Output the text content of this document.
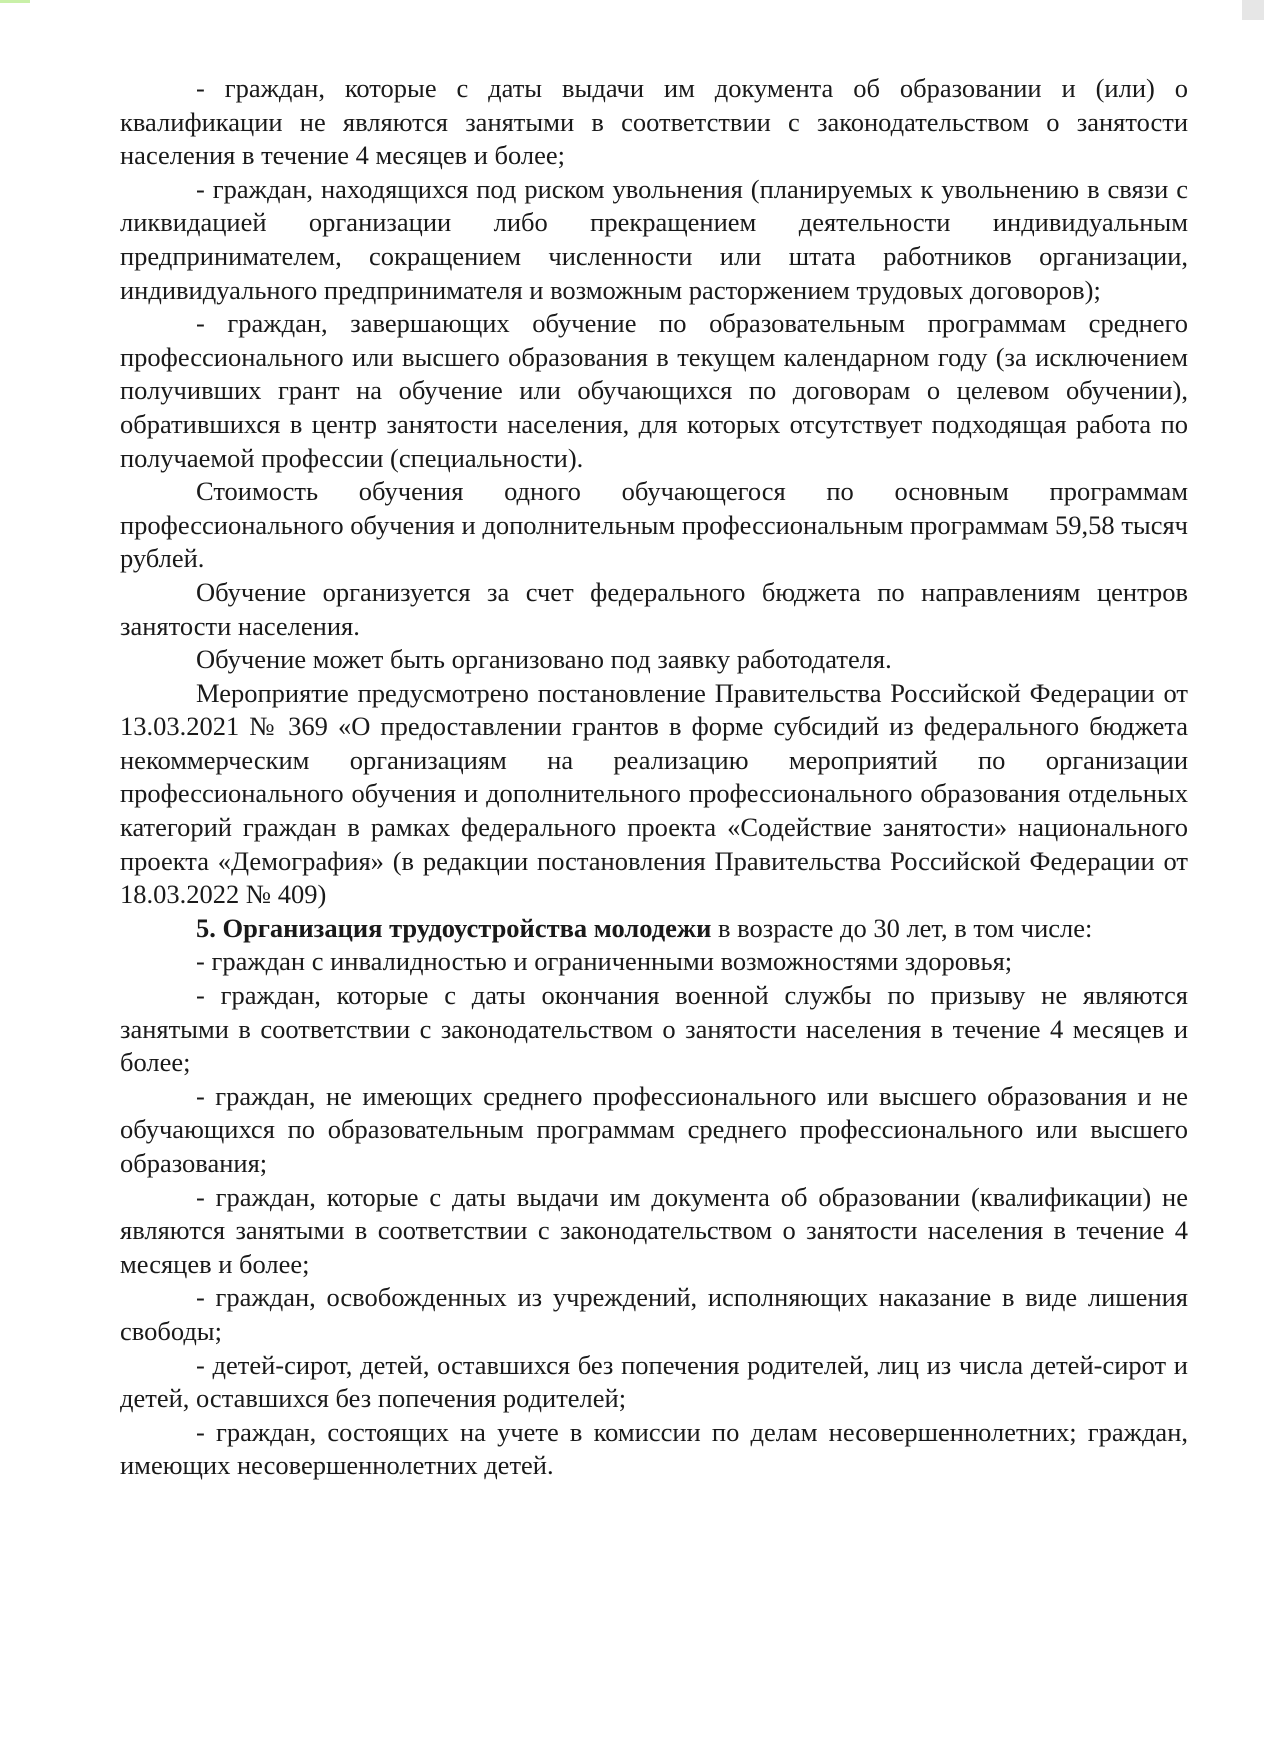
- граждан, которые с даты выдачи им документа об образовании и (или) о квалификации не являются занятыми в соответствии с законодательством о занятости населения в течение 4 месяцев и более;

- граждан, находящихся под риском увольнения (планируемых к увольнению в связи с ликвидацией организации либо прекращением деятельности индивидуальным предпринимателем, сокращением численности или штата работников организации, индивидуального предпринимателя и возможным расторжением трудовых договоров);

- граждан, завершающих обучение по образовательным программам среднего профессионального или высшего образования в текущем календарном году (за исключением получивших грант на обучение или обучающихся по договорам о целевом обучении), обратившихся в центр занятости населения, для которых отсутствует подходящая работа по получаемой профессии (специальности).

Стоимость обучения одного обучающегося по основным программам профессионального обучения и дополнительным профессиональным программам 59,58 тысяч рублей.

Обучение организуется за счет федерального бюджета по направлениям центров занятости населения.

Обучение может быть организовано под заявку работодателя.

Мероприятие предусмотрено постановление Правительства Российской Федерации от 13.03.2021 № 369 «О предоставлении грантов в форме субсидий из федерального бюджета некоммерческим организациям на реализацию мероприятий по организации профессионального обучения и дополнительного профессионального образования отдельных категорий граждан в рамках федерального проекта «Содействие занятости» национального проекта «Демография» (в редакции постановления Правительства Российской Федерации от 18.03.2022 № 409)

5. Организация трудоустройства молодежи в возрасте до 30 лет, в том числе:

- граждан с инвалидностью и ограниченными возможностями здоровья;

- граждан, которые с даты окончания военной службы по призыву не являются занятыми в соответствии с законодательством о занятости населения в течение 4 месяцев и более;

- граждан, не имеющих среднего профессионального или высшего образования и не обучающихся по образовательным программам среднего профессионального или высшего образования;

- граждан, которые с даты выдачи им документа об образовании (квалификации) не являются занятыми в соответствии с законодательством о занятости населения в течение 4 месяцев и более;

- граждан, освобожденных из учреждений, исполняющих наказание в виде лишения свободы;

- детей-сирот, детей, оставшихся без попечения родителей, лиц из числа детей-сирот и детей, оставшихся без попечения родителей;

- граждан, состоящих на учете в комиссии по делам несовершеннолетних; граждан, имеющих несовершеннолетних детей.
